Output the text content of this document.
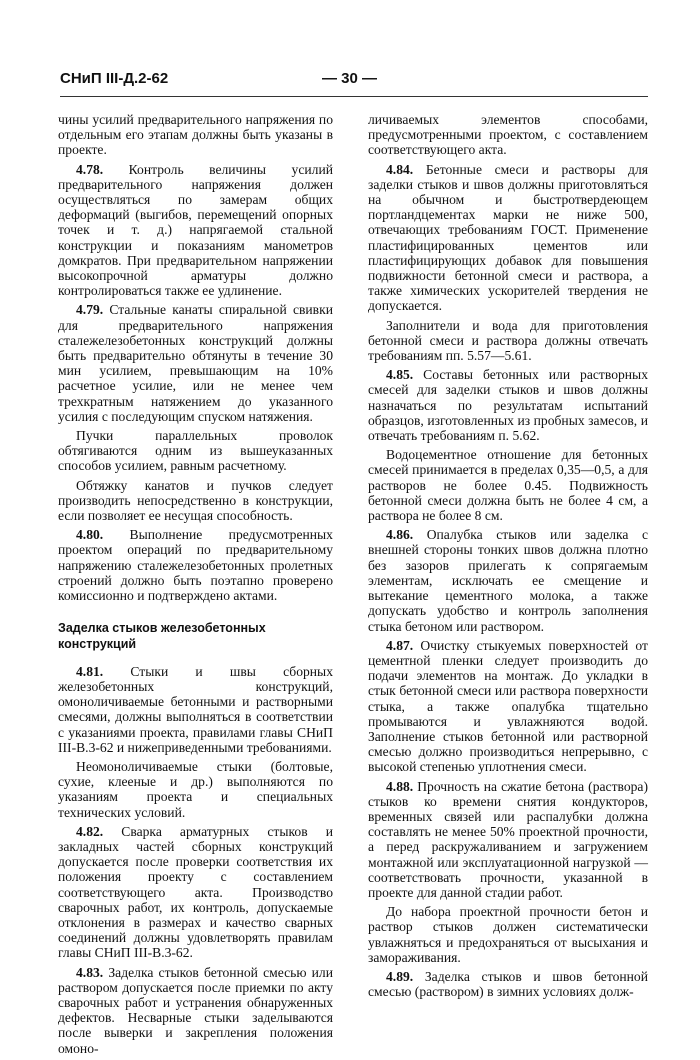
СНиП III-Д.2-62	— 30 —

чины усилий предварительного напряжения по отдельным его этапам должны быть указаны в проекте.

4.78. Контроль величины усилий предварительного напряжения должен осуществляться по замерам общих деформаций (выгибов, перемещений опорных точек и т. д.) напрягаемой стальной конструкции и показаниям манометров домкратов. При предварительном напряжении высокопрочной арматуры должно контролироваться также ее удлинение.

4.79. Стальные канаты спиральной свивки для предварительного напряжения сталежелезобетонных конструкций должны быть предварительно обтянуты в течение 30 мин усилием, превышающим на 10% расчетное усилие, или не менее чем трехкратным натяжением до указанного усилия с последующим спуском натяжения.

Пучки параллельных проволок обтягиваются одним из вышеуказанных способов усилием, равным расчетному.

Обтяжку канатов и пучков следует производить непосредственно в конструкции, если позволяет ее несущая способность.

4.80. Выполнение предусмотренных проектом операций по предварительному напряжению сталежелезобетонных пролетных строений должно быть поэтапно проверено комиссионно и подтверждено актами.

Заделка стыков железобетонных конструкций

4.81. Стыки и швы сборных железобетонных конструкций, омоноличиваемые бетонными и растворными смесями, должны выполняться в соответствии с указаниями проекта, правилами главы СНиП III-В.3-62 и нижеприведенными требованиями.

Неомоноличиваемые стыки (болтовые, сухие, клееные и др.) выполняются по указаниям проекта и специальных технических условий.

4.82. Сварка арматурных стыков и закладных частей сборных конструкций допускается после проверки соответствия их положения проекту с составлением соответствующего акта. Производство сварочных работ, их контроль, допускаемые отклонения в размерах и качество сварных соединений должны удовлетворять правилам главы СНиП III-В.3-62.

4.83. Заделка стыков бетонной смесью или раствором допускается после приемки по акту сварочных работ и устранения обнаруженных дефектов. Несварные стыки заделываются после выверки и закрепления положения омоно-

личиваемых элементов способами, предусмотренными проектом, с составлением соответствующего акта.

4.84. Бетонные смеси и растворы для заделки стыков и швов должны приготовляться на обычном и быстротвердеющем портландцементах марки не ниже 500, отвечающих требованиям ГОСТ. Применение пластифицированных цементов или пластифицирующих добавок для повышения подвижности бетонной смеси и раствора, а также химических ускорителей твердения не допускается.

Заполнители и вода для приготовления бетонной смеси и раствора должны отвечать требованиям пп. 5.57—5.61.

4.85. Составы бетонных или растворных смесей для заделки стыков и швов должны назначаться по результатам испытаний образцов, изготовленных из пробных замесов, и отвечать требованиям п. 5.62.

Водоцементное отношение для бетонных смесей принимается в пределах 0,35—0,5, а для растворов не более 0.45. Подвижность бетонной смеси должна быть не более 4 см, а раствора не более 8 см.

4.86. Опалубка стыков или заделка с внешней стороны тонких швов должна плотно без зазоров прилегать к сопрягаемым элементам, исключать ее смещение и вытекание цементного молока, а также допускать удобство и контроль заполнения стыка бетоном или раствором.

4.87. Очистку стыкуемых поверхностей от цементной пленки следует производить до подачи элементов на монтаж. До укладки в стык бетонной смеси или раствора поверхности стыка, а также опалубка тщательно промываются и увлажняются водой. Заполнение стыков бетонной или растворной смесью должно производиться непрерывно, с высокой степенью уплотнения смеси.

4.88. Прочность на сжатие бетона (раствора) стыков ко времени снятия кондукторов, временных связей или распалубки должна составлять не менее 50% проектной прочности, а перед раскружаливанием и загружением монтажной или эксплуатационной нагрузкой — соответствовать прочности, указанной в проекте для данной стадии работ.

До набора проектной прочности бетон и раствор стыков должен систематически увлажняться и предохраняться от высыхания и замораживания.

4.89. Заделка стыков и швов бетонной смесью (раствором) в зимних условиях долж-
